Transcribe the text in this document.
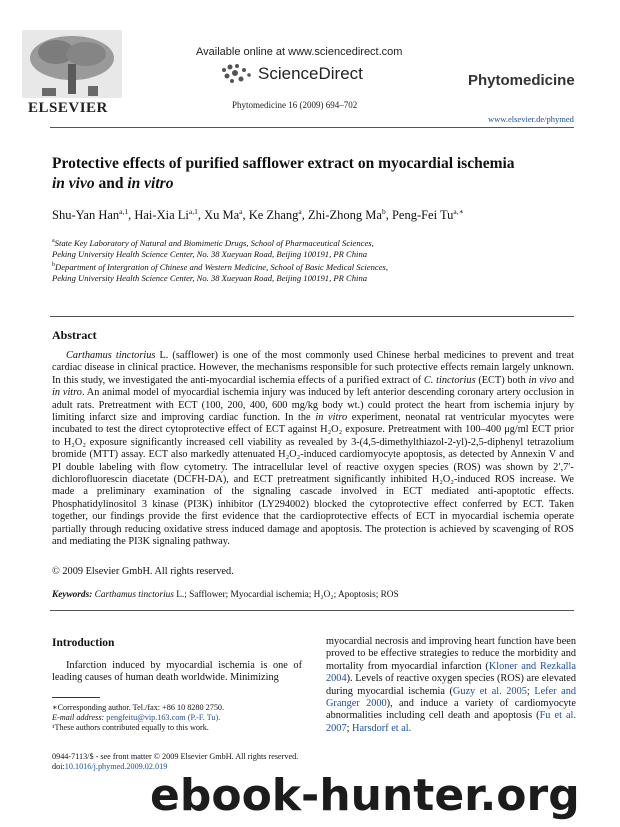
ELSEVIER
Available online at www.sciencedirect.com
ScienceDirect
Phytomedicine 16 (2009) 694–702
Phytomedicine
www.elsevier.de/phymed
Protective effects of purified safflower extract on myocardial ischemia
in vivo and in vitro
Shu-Yan Han$^{a,1}$, Hai-Xia Li$^{a,1}$, Xu Ma$^a$, Ke Zhang$^a$, Zhi-Zhong Ma$^b$, Peng-Fei $Tu^{a,∗}$
$^a$State Key Laboratory of Natural and Biomimetic Drugs, School of Pharmaceutical Sciences,
Peking University Health Science Center, No. 38 Xueyuan Road, Beijing 100191, PR China
$^b$Department of Intergration of Chinese and Western Medicine, School of Basic Medical Sciences,
Peking University Health Science Center, No. 38 Xueyuan Road, Beijing 100191, PR China
Abstract
Carthamus tinctorius L. (safflower) is one of the most commonly used Chinese herbal medicines to prevent and treat cardiac disease in clinical practice. However, the mechanisms responsible for such protective effects remain largely unknown. In this study, we investigated the anti-myocardial ischemia effects of a purified extract of C. tinctorius (ECT) both in vivo and in vitro. An animal model of myocardial ischemia injury was induced by left anterior descending coronary artery occlusion in adult rats. Pretreatment with ECT (100, 200, 400, 600 mg/kg body wt.) could protect the heart from ischemia injury by limiting infarct size and improving cardiac function. In the in vitro experiment, neonatal rat ventricular myocytes were incubated to test the direct cytoprotective effect of ECT against H₂O₂ exposure. Pretreatment with 100–400 μg/ml ECT prior to H₂O₂ exposure significantly increased cell viability as revealed by 3-(4,5-dimethylthiazol-2-yl)-2,5-diphenyl tetrazolium bromide (MTT) assay. ECT also markedly attenuated H₂O₂-induced cardiomyocyte apoptosis, as detected by Annexin V and PI double labeling with flow cytometry. The intracellular level of reactive oxygen species (ROS) was shown by 2′,7′-dichlorofluorescin diacetate (DCFH-DA), and ECT pretreatment significantly inhibited H₂O₂-induced ROS increase. We made a preliminary examination of the signaling cascade involved in ECT mediated anti-apoptotic effects. Phosphatidylinositol 3 kinase (PI3K) inhibitor (LY294002) blocked the cytoprotective effect conferred by ECT. Taken together, our findings provide the first evidence that the cardioprotective effects of ECT in myocardial ischemia operate partially through reducing oxidative stress induced damage and apoptosis. The protection is achieved by scavenging of ROS and mediating the PI3K signaling pathway.
© 2009 Elsevier GmbH. All rights reserved.
Keywords: Carthamus tinctorius L.; Safflower; Myocardial ischemia; H₂O₂; Apoptosis; ROS
Introduction
Infarction induced by myocardial ischemia is one of leading causes of human death worldwide. Minimizing
∗Corresponding author. Tel./fax: +86 10 8280 2750.
E-mail address: pengfeitu@vip.163.com (P.-F. Tu).
¹These authors contributed equally to this work.
myocardial necrosis and improving heart function have been proved to be effective strategies to reduce the morbidity and mortality from myocardial infarction (Kloner and Rezkalla 2004). Levels of reactive oxygen species (ROS) are elevated during myocardial ischemia (Guzy et al. 2005; Lefer and Granger 2000), and induce a variety of cardiomyocyte abnormalities including cell death and apoptosis (Fu et al. 2007; Harsdorf et al.
0944-7113/$ - see front matter © 2009 Elsevier GmbH. All rights reserved.
doi:10.1016/j.phymed.2009.02.019
ebook-hunter.org
